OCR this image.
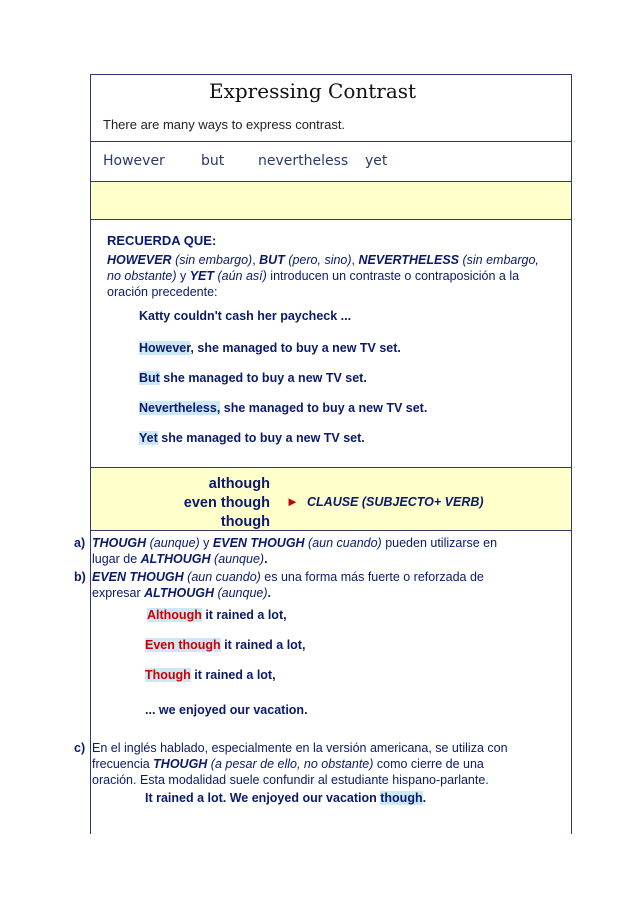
Expressing Contrast
There are many ways to express contrast.
However	but nevertheless yet
RECUERDA QUE:
HOWEVER (sin embargo), BUT (pero, sino), NEVERTHELESS (sin embargo,
no obstante) y YET (aún así) introducen un contraste o contraposición a la
oración precedente:
Katty couldn't cash her paycheck ...
However, she managed to buy a new TV set.
But she managed to buy a new TV set.
Nevertheless, she managed to buy a new TV set.
Yet she managed to buy a new TV set.
although
even though
though
► CLAUSE (SUBJECTO+ VERB)
a) THOUGH (aunque) y EVEN THOUGH (aun cuando) pueden utilizarse en
lugar de ALTHOUGH (aunque).
b) EVEN THOUGH (aun cuando) es una forma más fuerte o reforzada de
expresar ALTHOUGH (aunque).
Although it rained a lot,
Even though it rained a lot,
Though it rained a lot,
... we enjoyed our vacation.
c) En el inglés hablado, especialmente en la versión americana, se utiliza con
frecuencia THOUGH (a pesar de ello, no obstante) como cierre de una
oración. Esta modalidad suele confundir al estudiante hispano-parlante.
It rained a lot. We enjoyed our vacation though.
